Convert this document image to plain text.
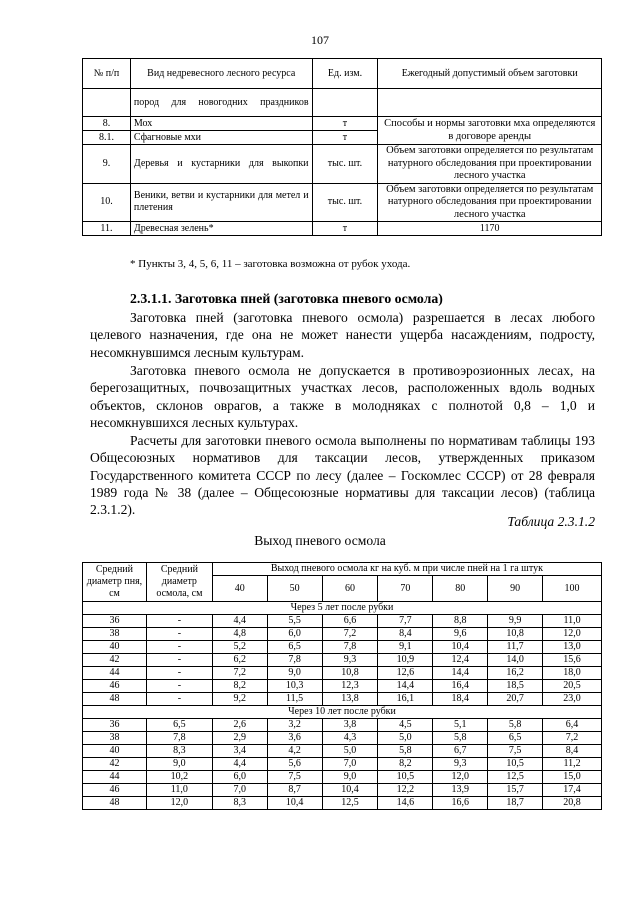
107
№ п/п	Вид недревесного лесного ресурса	Ед. изм.	Ежегодный допустимый объем заготовки
	пород для новогодних праздников		
8.	Мох	т	Способы и нормы заготовки мха определяются в договоре аренды
8.1.	Сфагновые мхи	т	
9.	Деревья и кустарники для выкопки	тыс. шт.	Объем заготовки определяется по результатам натурного обследования при проектировании лесного участка
10.	Веники, ветви и кустарники для метел и плетения	тыс. шт.	Объем заготовки определяется по результатам натурного обследования при проектировании лесного участка
11.	Древесная зелень*	т	1170
* Пункты 3, 4, 5, 6, 11 – заготовка возможна от рубок ухода.
2.3.1.1. Заготовка пней (заготовка пневого осмола)
Заготовка пней (заготовка пневого осмола) разрешается в лесах любого целевого назначения, где она не может нанести ущерба насаждениям, подросту, несомкнувшимся лесным культурам.
Заготовка пневого осмола не допускается в противоэрозионных лесах, на берегозащитных, почвозащитных участках лесов, расположенных вдоль водных объектов, склонов оврагов, а также в молодняках с полнотой 0,8 – 1,0 и несомкнувшихся лесных культурах.
Расчеты для заготовки пневого осмола выполнены по нормативам таблицы 193 Общесоюзных нормативов для таксации лесов, утвержденных приказом Государственного комитета СССР по лесу (далее – Госкомлес СССР) от 28 февраля 1989 года № 38 (далее – Общесоюзные нормативы для таксации лесов) (таблица 2.3.1.2).
Таблица 2.3.1.2
Выход пневого осмола
Средний диаметр пня, см	Средний диаметр осмола, см	Выход пневого осмола кг на куб. м при числе пней на 1 га штук						
		40	50	60	70	80	90	100
Через 5 лет после рубки								
36	-	4,4	5,5	6,6	7,7	8,8	9,9	11,0
38	-	4,8	6,0	7,2	8,4	9,6	10,8	12,0
40	-	5,2	6,5	7,8	9,1	10,4	11,7	13,0
42	-	6,2	7,8	9,3	10,9	12,4	14,0	15,6
44	-	7,2	9,0	10,8	12,6	14,4	16,2	18,0
46	-	8,2	10,3	12,3	14,4	16,4	18,5	20,5
48	-	9,2	11,5	13,8	16,1	18,4	20,7	23,0
Через 10 лет после рубки								
36	6,5	2,6	3,2	3,8	4,5	5,1	5,8	6,4
38	7,8	2,9	3,6	4,3	5,0	5,8	6,5	7,2
40	8,3	3,4	4,2	5,0	5,8	6,7	7,5	8,4
42	9,0	4,4	5,6	7,0	8,2	9,3	10,5	11,2
44	10,2	6,0	7,5	9,0	10,5	12,0	12,5	15,0
46	11,0	7,0	8,7	10,4	12,2	13,9	15,7	17,4
48	12,0	8,3	10,4	12,5	14,6	16,6	18,7	20,8
